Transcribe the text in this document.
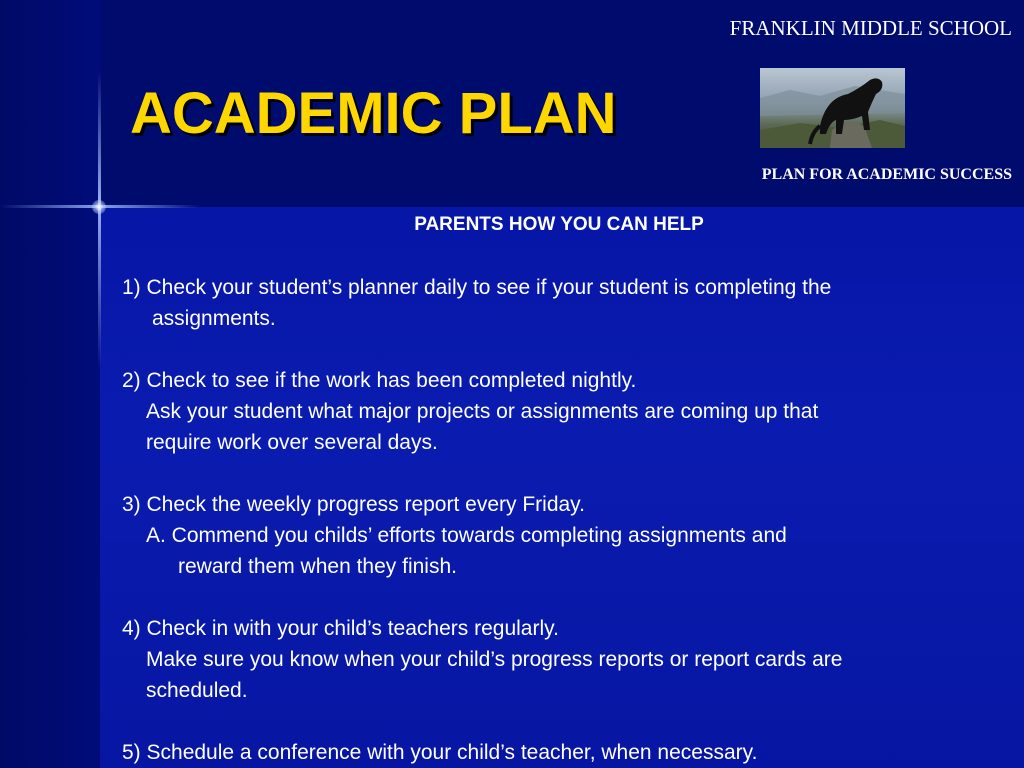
FRANKLIN MIDDLE SCHOOL
ACADEMIC PLAN
PLAN FOR ACADEMIC SUCCESS
PARENTS HOW YOU CAN HELP
1) Check your student’s planner daily to see if your student is completing the
assignments.
2) Check to see if the work has been completed nightly.
Ask your student what major projects or assignments are coming up that
require work over several days.
3) Check the weekly progress report every Friday.
A. Commend you childs’ efforts towards completing assignments and
reward them when they finish.
4) Check in with your child’s teachers regularly.
Make sure you know when your child’s progress reports or report cards are
scheduled.
5) Schedule a conference with your child’s teacher, when necessary.
